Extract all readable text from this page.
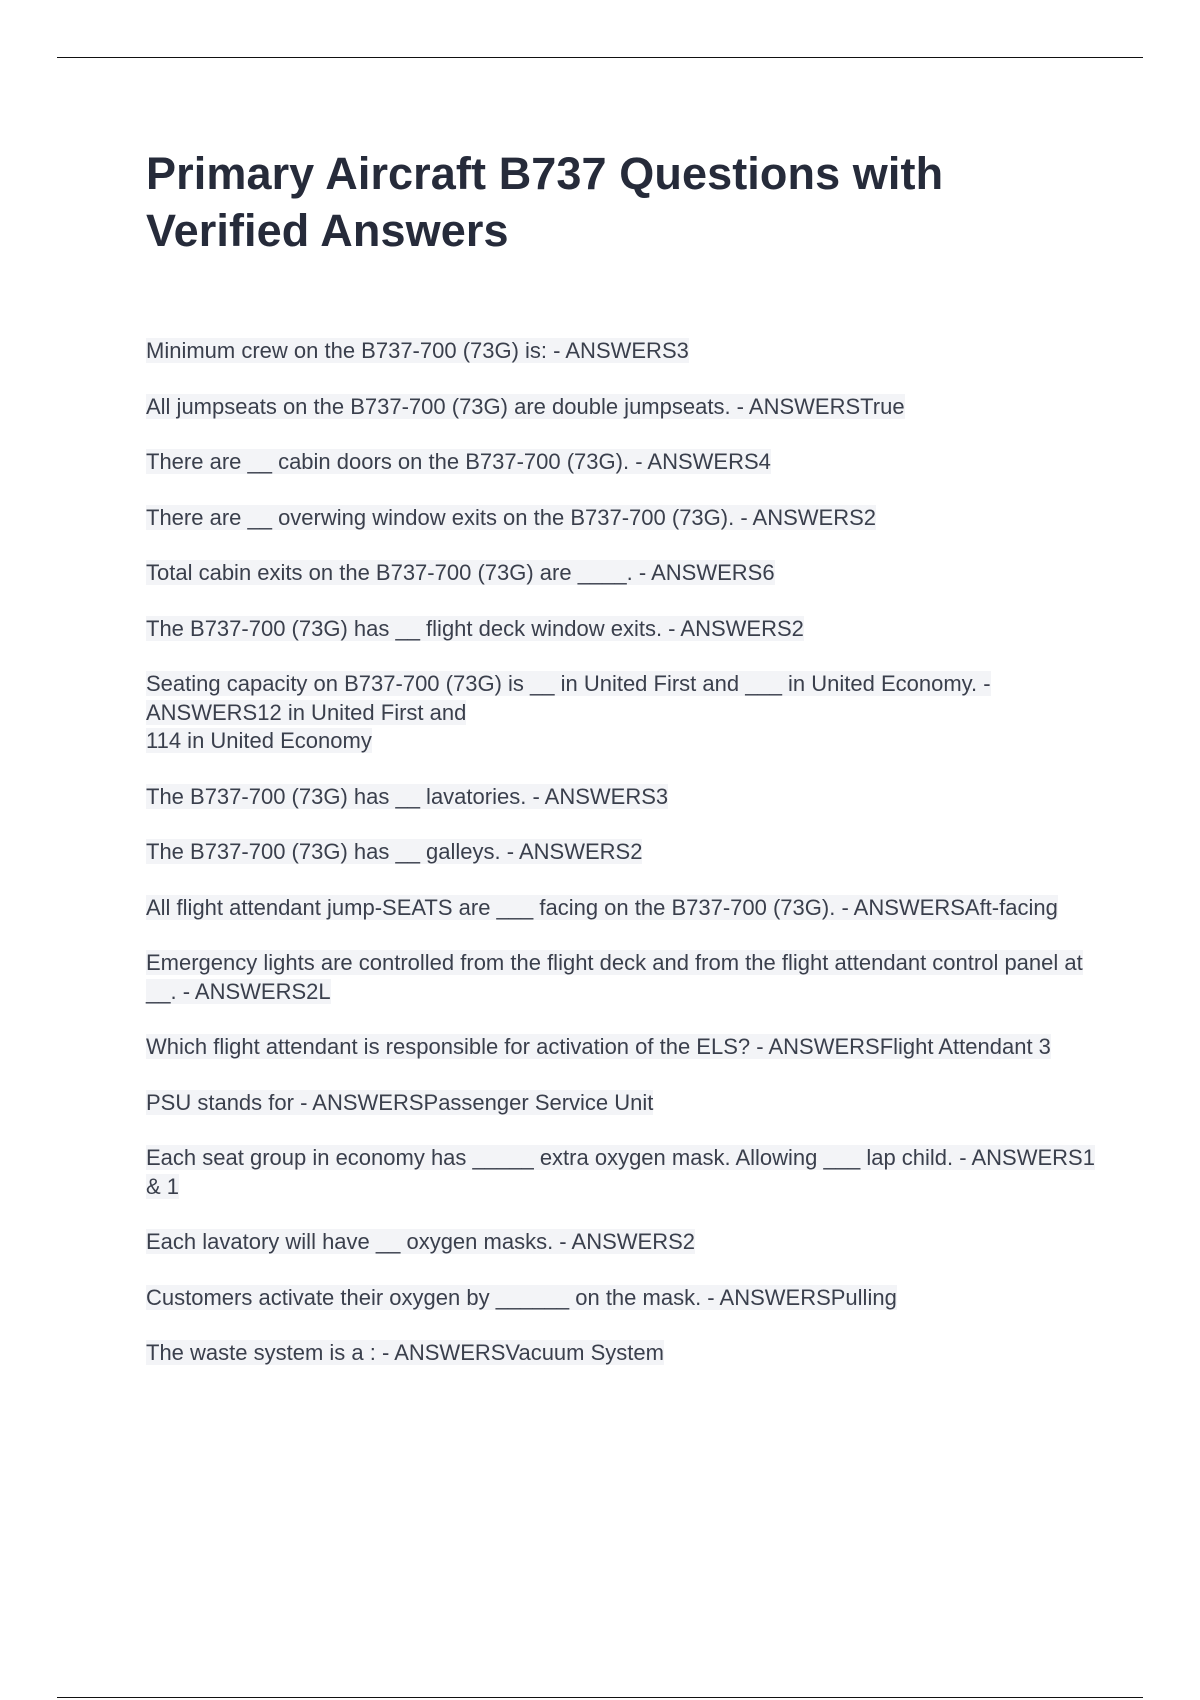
Primary Aircraft B737 Questions with Verified Answers

Minimum crew on the B737-700 (73G) is: - ANSWERS3

All jumpseats on the B737-700 (73G) are double jumpseats. - ANSWERSTrue

There are __ cabin doors on the B737-700 (73G). - ANSWERS4

There are __ overwing window exits on the B737-700 (73G). - ANSWERS2

Total cabin exits on the B737-700 (73G) are ____. - ANSWERS6

The B737-700 (73G) has __ flight deck window exits. - ANSWERS2

Seating capacity on B737-700 (73G) is __ in United First and ___ in United Economy. - ANSWERS12 in United First and
114 in United Economy

The B737-700 (73G) has __ lavatories. - ANSWERS3

The B737-700 (73G) has __ galleys. - ANSWERS2

All flight attendant jump-SEATS are ___ facing on the B737-700 (73G). - ANSWERSAft-facing

Emergency lights are controlled from the flight deck and from the flight attendant control panel at __. - ANSWERS2L

Which flight attendant is responsible for activation of the ELS? - ANSWERSFlight Attendant 3

PSU stands for - ANSWERSPassenger Service Unit

Each seat group in economy has _____ extra oxygen mask. Allowing ___ lap child. - ANSWERS1 & 1

Each lavatory will have __ oxygen masks. - ANSWERS2

Customers activate their oxygen by ______ on the mask. - ANSWERSPulling

The waste system is a : - ANSWERSVacuum System
